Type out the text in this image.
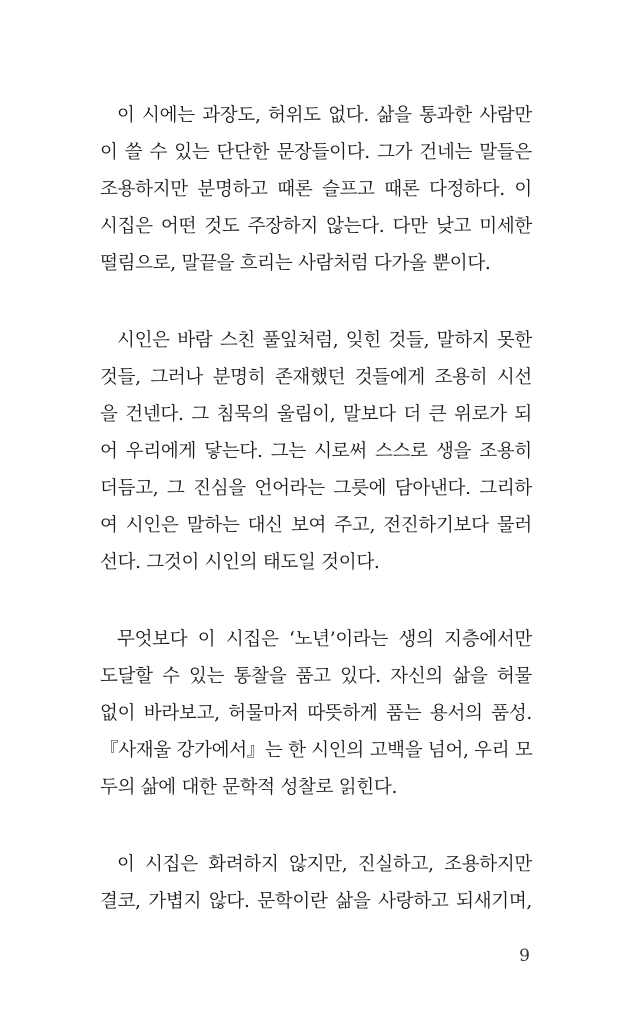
이 시에는 과장도, 허위도 없다. 삶을 통과한 사람만
이 쓸 수 있는 단단한 문장들이다. 그가 건네는 말들은
조용하지만 분명하고 때론 슬프고 때론 다정하다. 이
시집은 어떤 것도 주장하지 않는다. 다만 낮고 미세한
떨림으로, 말끝을 흐리는 사람처럼 다가올 뿐이다.

시인은 바람 스친 풀잎처럼, 잊힌 것들, 말하지 못한
것들, 그러나 분명히 존재했던 것들에게 조용히 시선
을 건넨다. 그 침묵의 울림이, 말보다 더 큰 위로가 되
어 우리에게 닿는다. 그는 시로써 스스로 생을 조용히
더듬고, 그 진심을 언어라는 그릇에 담아낸다. 그리하
여 시인은 말하는 대신 보여 주고, 전진하기보다 물러
선다. 그것이 시인의 태도일 것이다.

무엇보다 이 시집은 ‘노년’이라는 생의 지층에서만
도달할 수 있는 통찰을 품고 있다. 자신의 삶을 허물
없이 바라보고, 허물마저 따뜻하게 품는 용서의 품성.
『사재울 강가에서』는 한 시인의 고백을 넘어, 우리 모
두의 삶에 대한 문학적 성찰로 읽힌다.

이 시집은 화려하지 않지만, 진실하고, 조용하지만
결코, 가볍지 않다. 문학이란 삶을 사랑하고 되새기며,

9
